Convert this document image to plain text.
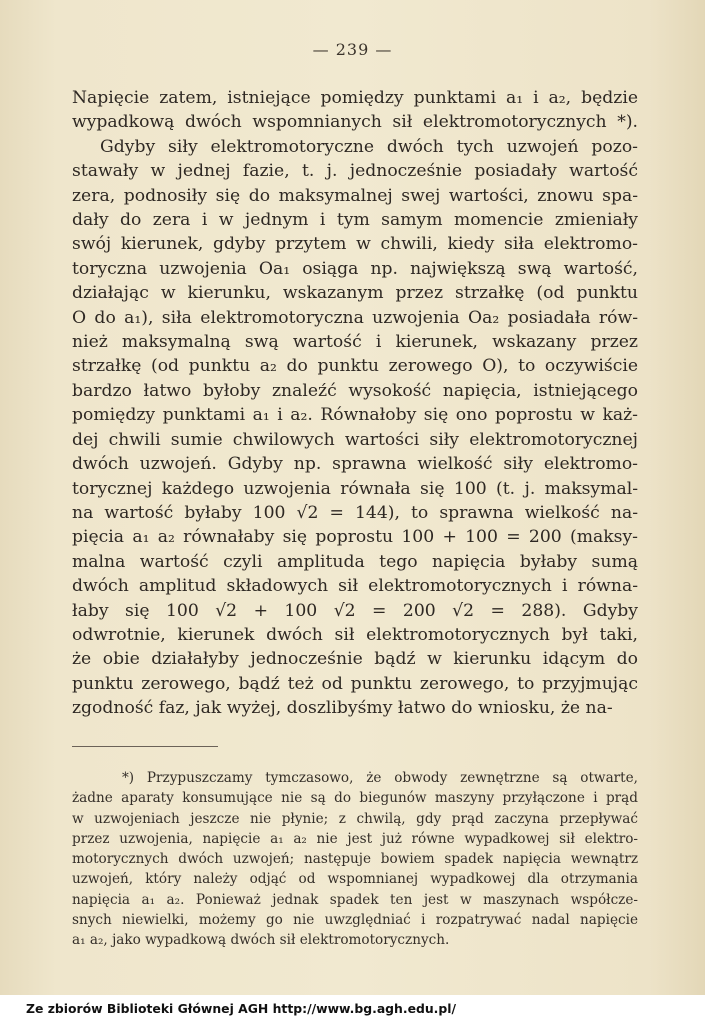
— 239 —
Napięcie zatem, istniejące pomiędzy punktami a₁ i a₂, będzie
wypadkową dwóch wspomnianych sił elektromotorycznych *).
Gdyby siły elektromotoryczne dwóch tych uzwojeń pozo-
stawały w jednej fazie, t. j. jednocześnie posiadały wartość
zera, podnosiły się do maksymalnej swej wartości, znowu spa-
dały do zera i w jednym i tym samym momencie zmieniały
swój kierunek, gdyby przytem w chwili, kiedy siła elektromo-
toryczna uzwojenia Oa₁ osiąga np. największą swą wartość,
działając w kierunku, wskazanym przez strzałkę (od punktu
O do a₁), siła elektromotoryczna uzwojenia Oa₂ posiadała rów-
nież maksymalną swą wartość i kierunek, wskazany przez
strzałkę (od punktu a₂ do punktu zerowego O), to oczywiście
bardzo łatwo byłoby znaleźć wysokość napięcia, istniejącego
pomiędzy punktami a₁ i a₂. Równałoby się ono poprostu w każ-
dej chwili sumie chwilowych wartości siły elektromotorycznej
dwóch uzwojeń. Gdyby np. sprawna wielkość siły elektromo-
torycznej każdego uzwojenia równała się 100 (t. j. maksymal-
na wartość byłaby 100 √2 = 144), to sprawna wielkość na-
pięcia a₁ a₂ równałaby się poprostu 100 + 100 = 200 (maksy-
malna wartość czyli amplituda tego napięcia byłaby sumą
dwóch amplitud składowych sił elektromotorycznych i równa-
łaby się 100 √2 + 100 √2 = 200 √2 = 288). Gdyby
odwrotnie, kierunek dwóch sił elektromotorycznych był taki,
że obie działałyby jednocześnie bądź w kierunku idącym do
punktu zerowego, bądź też od punktu zerowego, to przyjmując
zgodność faz, jak wyżej, doszlibyśmy łatwo do wniosku, że na-
*) Przypuszczamy tymczasowo, że obwody zewnętrzne są otwarte,
żadne aparaty konsumujące nie są do biegunów maszyny przyłączone i prąd
w uzwojeniach jeszcze nie płynie; z chwilą, gdy prąd zaczyna przepływać
przez uzwojenia, napięcie a₁ a₂ nie jest już równe wypadkowej sił elektro-
motorycznych dwóch uzwojeń; następuje bowiem spadek napięcia wewnątrz
uzwojeń, który należy odjąć od wspomnianej wypadkowej dla otrzymania
napięcia a₁ a₂. Ponieważ jednak spadek ten jest w maszynach współcze-
snych niewielki, możemy go nie uwzględniać i rozpatrywać nadal napięcie
a₁ a₂, jako wypadkową dwóch sił elektromotorycznych.
Ze zbiorów Biblioteki Głównej AGH http://www.bg.agh.edu.pl/
